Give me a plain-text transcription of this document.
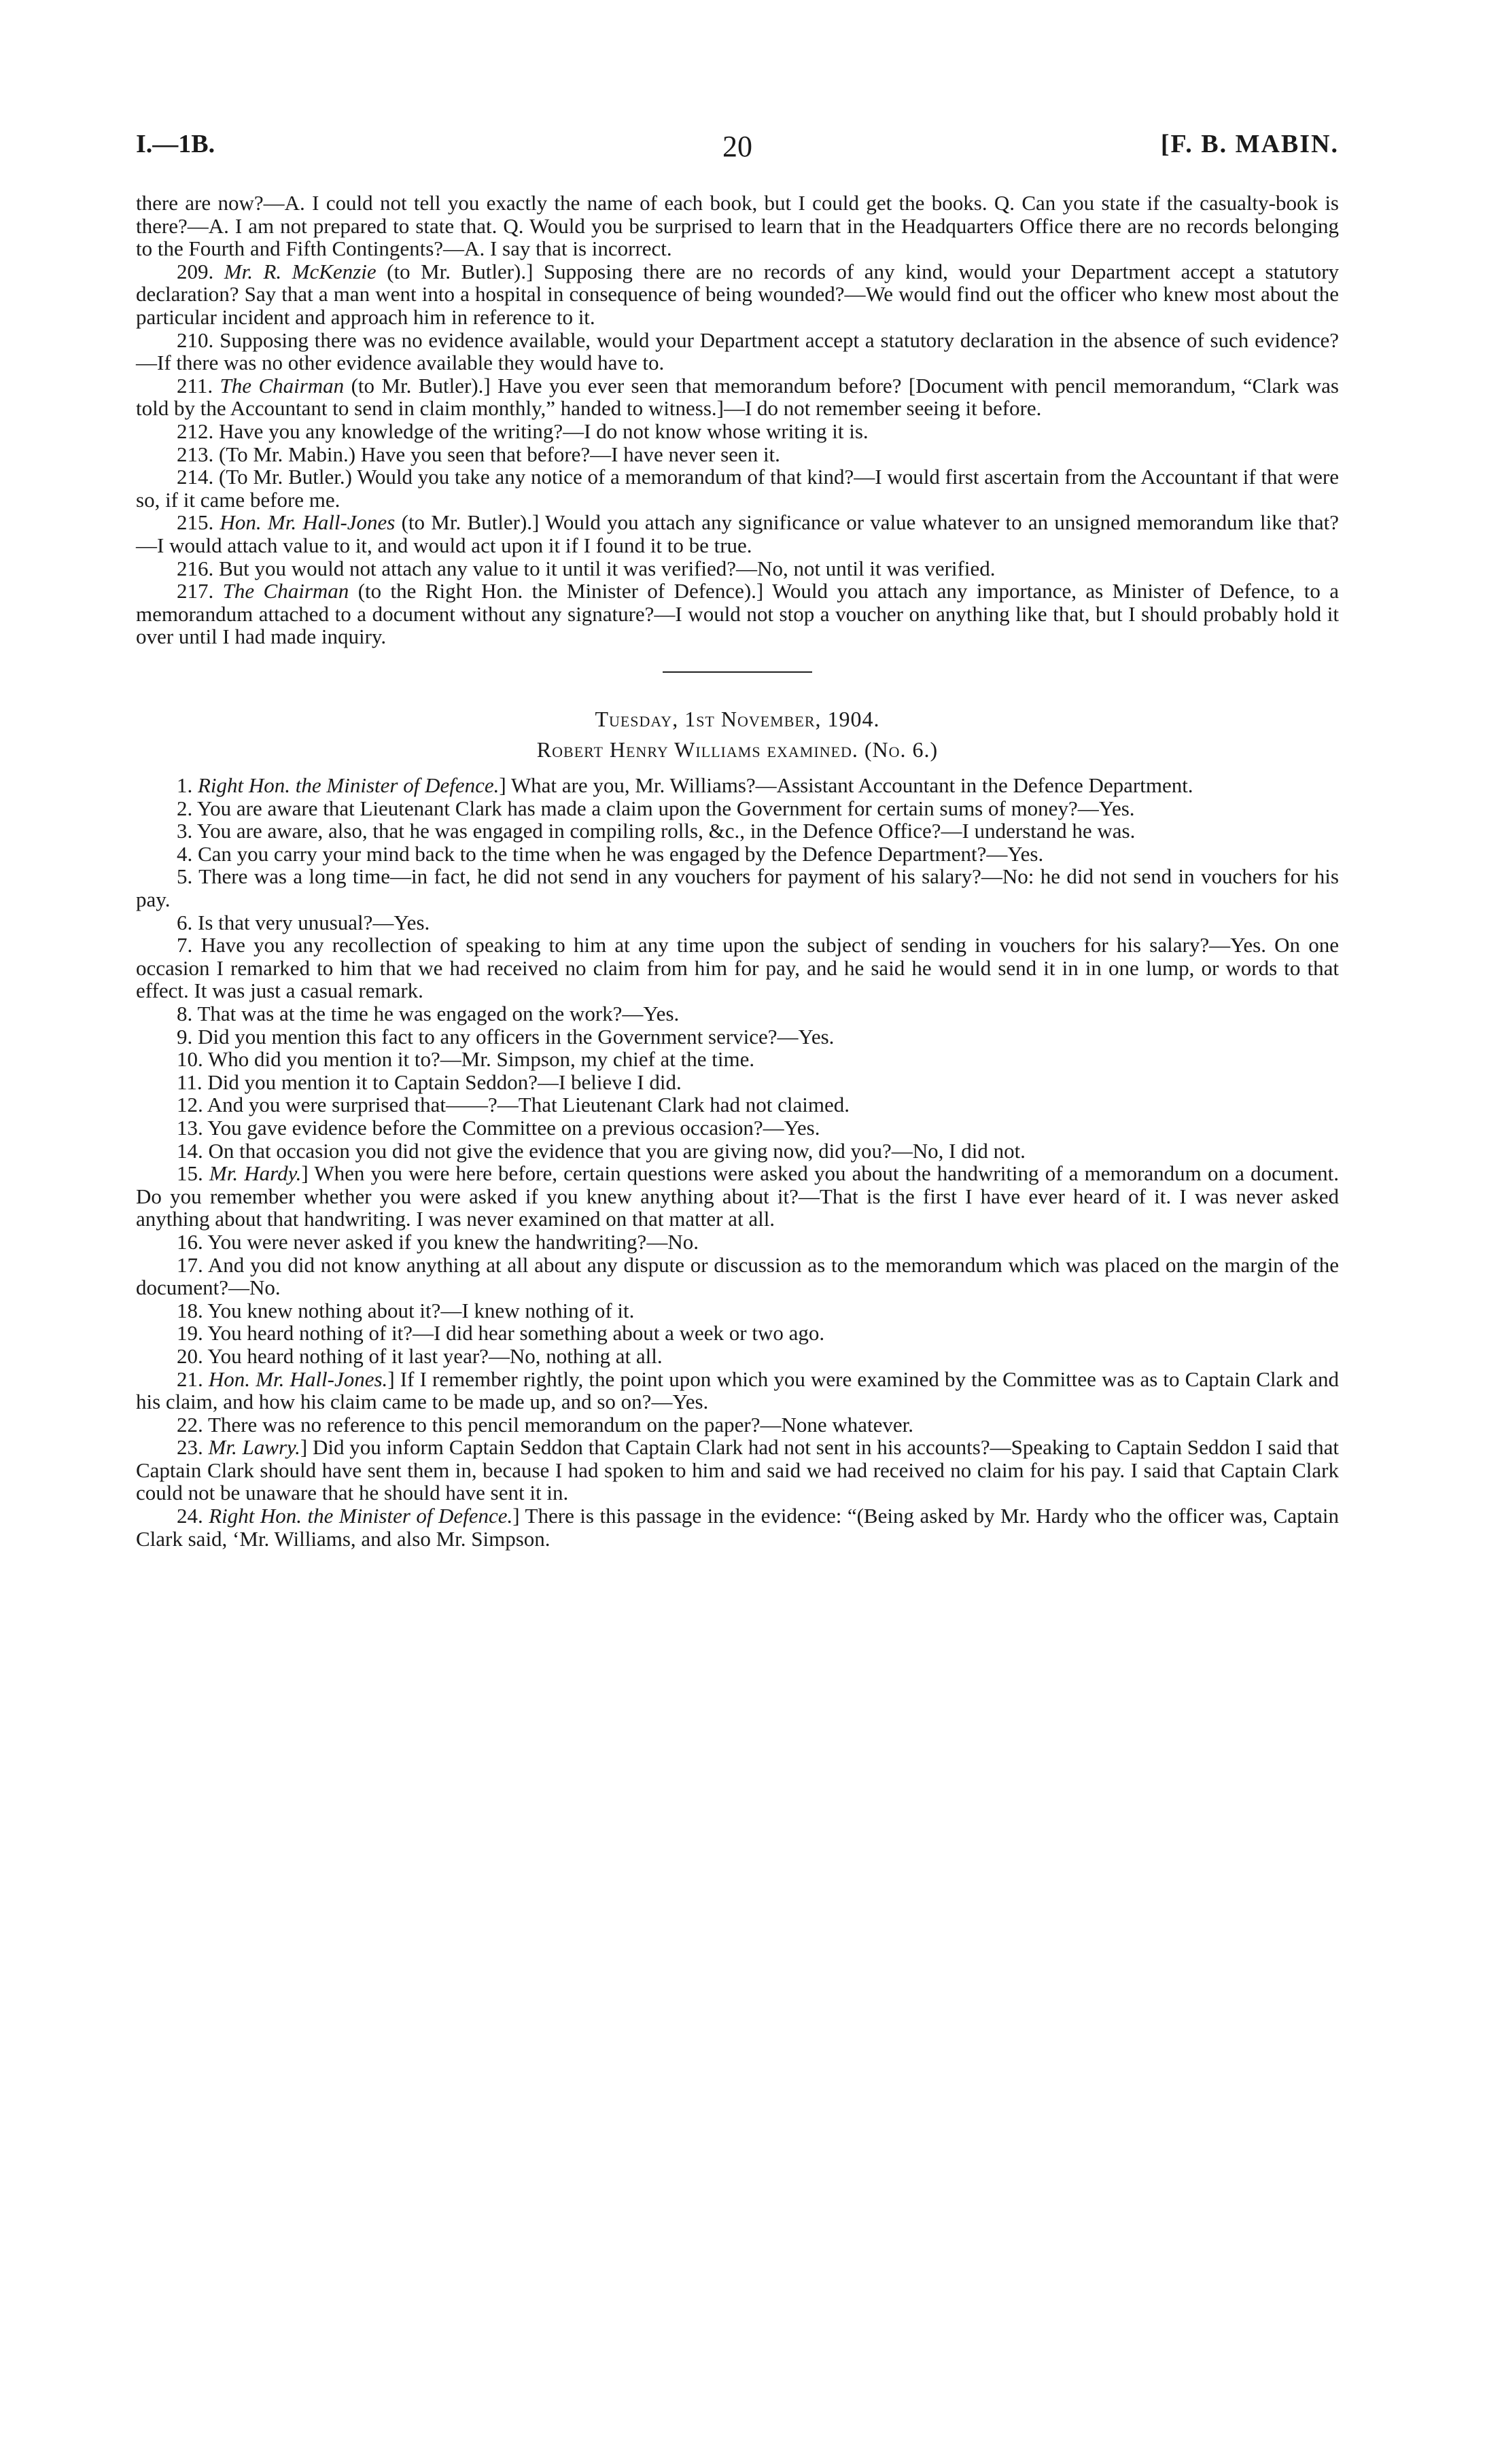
I.—1B.	20	[F. B. MABIN.

there are now?—A. I could not tell you exactly the name of each book, but I could get the books. Q. Can you state if the casualty-book is there?—A. I am not prepared to state that. Q. Would you be surprised to learn that in the Headquarters Office there are no records belonging to the Fourth and Fifth Contingents?—A. I say that is incorrect.

209. Mr. R. McKenzie (to Mr. Butler).] Supposing there are no records of any kind, would your Department accept a statutory declaration? Say that a man went into a hospital in consequence of being wounded?—We would find out the officer who knew most about the particular incident and approach him in reference to it.

210. Supposing there was no evidence available, would your Department accept a statutory declaration in the absence of such evidence?—If there was no other evidence available they would have to.

211. The Chairman (to Mr. Butler).] Have you ever seen that memorandum before? [Document with pencil memorandum, “Clark was told by the Accountant to send in claim monthly,” handed to witness.]—I do not remember seeing it before.

212. Have you any knowledge of the writing?—I do not know whose writing it is.

213. (To Mr. Mabin.) Have you seen that before?—I have never seen it.

214. (To Mr. Butler.) Would you take any notice of a memorandum of that kind?—I would first ascertain from the Accountant if that were so, if it came before me.

215. Hon. Mr. Hall-Jones (to Mr. Butler).] Would you attach any significance or value whatever to an unsigned memorandum like that?—I would attach value to it, and would act upon it if I found it to be true.

216. But you would not attach any value to it until it was verified?—No, not until it was verified.

217. The Chairman (to the Right Hon. the Minister of Defence).] Would you attach any importance, as Minister of Defence, to a memorandum attached to a document without any signature?—I would not stop a voucher on anything like that, but I should probably hold it over until I had made inquiry.

Tuesday, 1st November, 1904.
Robert Henry Williams examined. (No. 6.)

1. Right Hon. the Minister of Defence.] What are you, Mr. Williams?—Assistant Accountant in the Defence Department.

2. You are aware that Lieutenant Clark has made a claim upon the Government for certain sums of money?—Yes.

3. You are aware, also, that he was engaged in compiling rolls, &c., in the Defence Office?—I understand he was.

4. Can you carry your mind back to the time when he was engaged by the Defence Department?—Yes.

5. There was a long time—in fact, he did not send in any vouchers for payment of his salary?—No: he did not send in vouchers for his pay.

6. Is that very unusual?—Yes.

7. Have you any recollection of speaking to him at any time upon the subject of sending in vouchers for his salary?—Yes. On one occasion I remarked to him that we had received no claim from him for pay, and he said he would send it in in one lump, or words to that effect. It was just a casual remark.

8. That was at the time he was engaged on the work?—Yes.

9. Did you mention this fact to any officers in the Government service?—Yes.

10. Who did you mention it to?—Mr. Simpson, my chief at the time.

11. Did you mention it to Captain Seddon?—I believe I did.

12. And you were surprised that——?—That Lieutenant Clark had not claimed.

13. You gave evidence before the Committee on a previous occasion?—Yes.

14. On that occasion you did not give the evidence that you are giving now, did you?—No, I did not.

15. Mr. Hardy.] When you were here before, certain questions were asked you about the handwriting of a memorandum on a document. Do you remember whether you were asked if you knew anything about it?—That is the first I have ever heard of it. I was never asked anything about that handwriting. I was never examined on that matter at all.

16. You were never asked if you knew the handwriting?—No.

17. And you did not know anything at all about any dispute or discussion as to the memorandum which was placed on the margin of the document?—No.

18. You knew nothing about it?—I knew nothing of it.

19. You heard nothing of it?—I did hear something about a week or two ago.

20. You heard nothing of it last year?—No, nothing at all.

21. Hon. Mr. Hall-Jones.] If I remember rightly, the point upon which you were examined by the Committee was as to Captain Clark and his claim, and how his claim came to be made up, and so on?—Yes.

22. There was no reference to this pencil memorandum on the paper?—None whatever.

23. Mr. Lawry.] Did you inform Captain Seddon that Captain Clark had not sent in his accounts?—Speaking to Captain Seddon I said that Captain Clark should have sent them in, because I had spoken to him and said we had received no claim for his pay. I said that Captain Clark could not be unaware that he should have sent it in.

24. Right Hon. the Minister of Defence.] There is this passage in the evidence: “(Being asked by Mr. Hardy who the officer was, Captain Clark said, ‘Mr. Williams, and also Mr. Simpson.
